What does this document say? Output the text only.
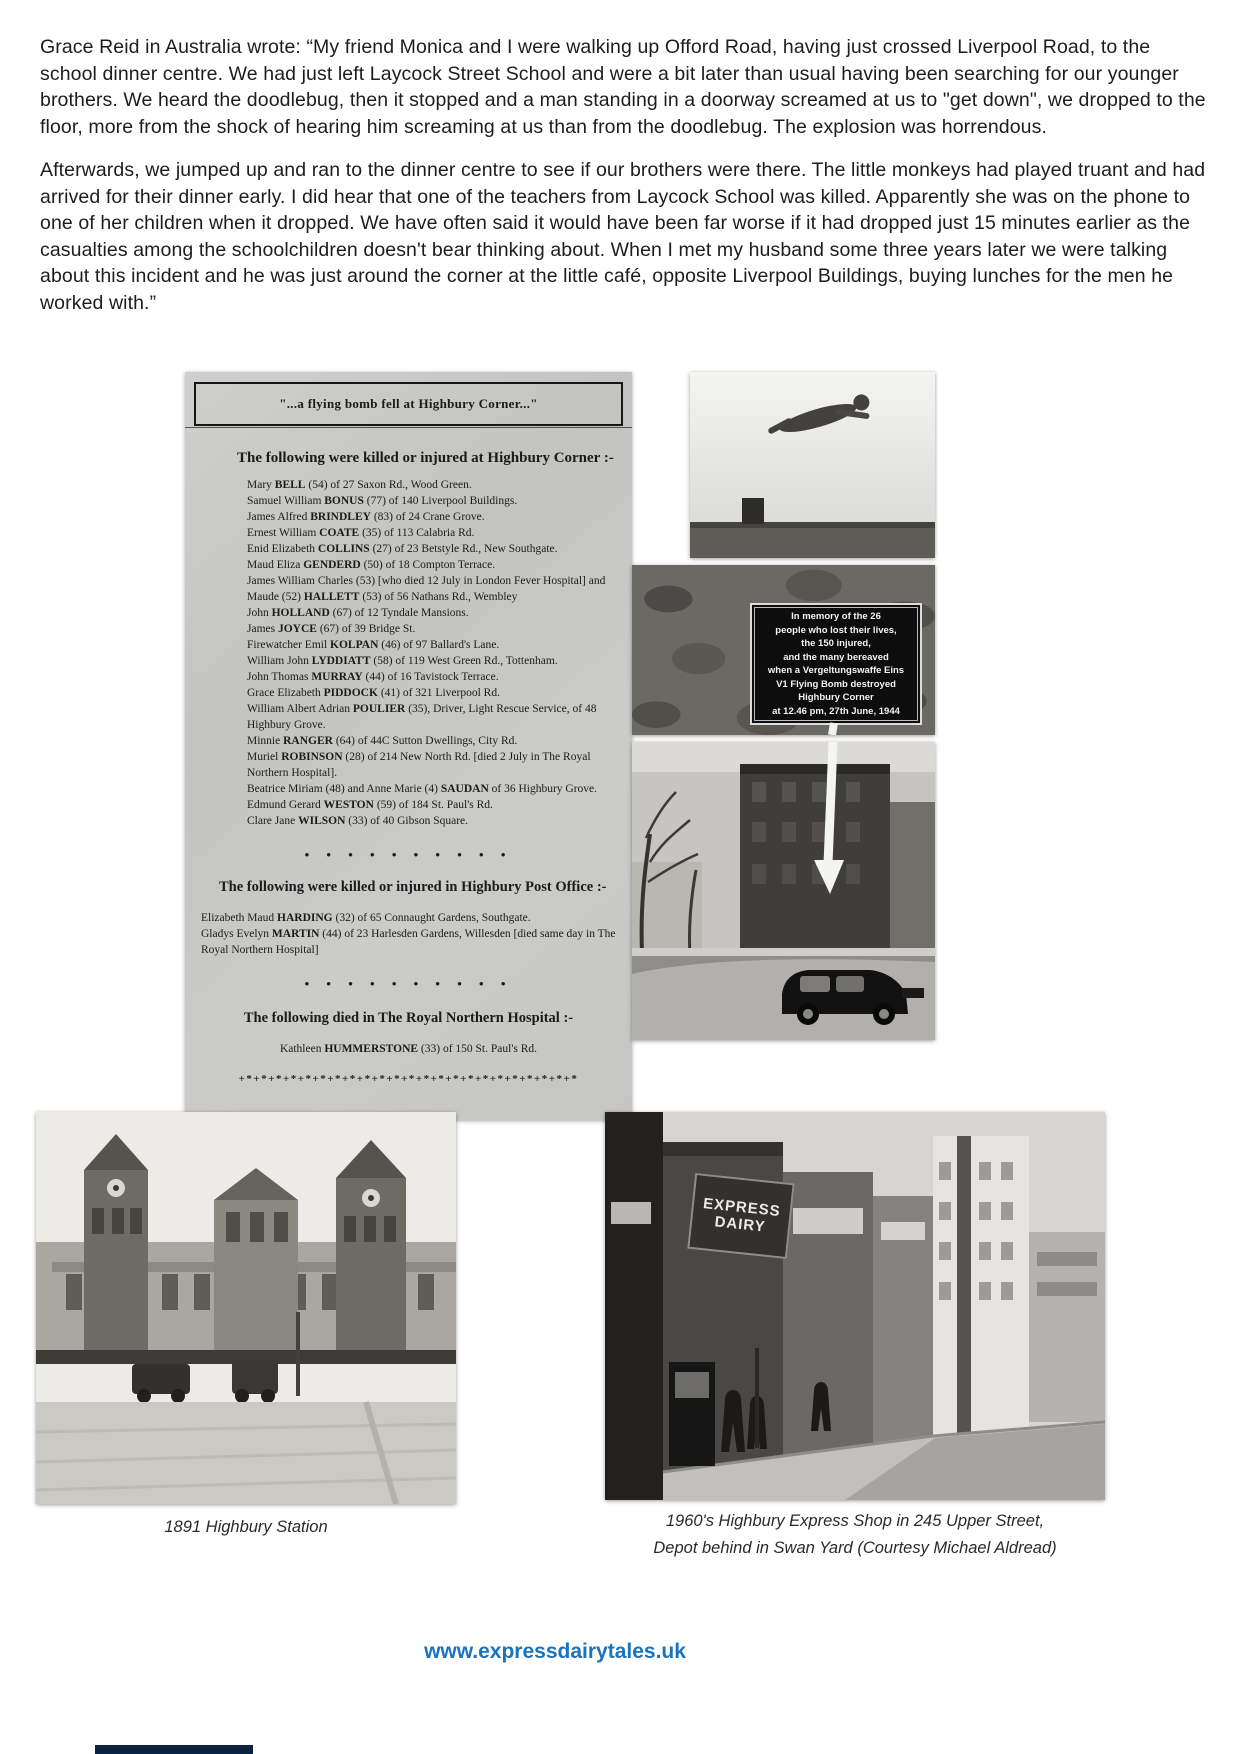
Grace Reid in Australia wrote: “My friend Monica and I were walking up Offord Road, having just crossed Liverpool Road, to the school dinner centre. We had just left Laycock Street School and were a bit later than usual having been searching for our younger brothers. We heard the doodlebug, then it stopped and a man standing in a doorway screamed at us to "get down", we dropped to the floor, more from the shock of hearing him screaming at us than from the doodlebug. The explosion was horrendous.

Afterwards, we jumped up and ran to the dinner centre to see if our brothers were there. The little monkeys had played truant and had arrived for their dinner early. I did hear that one of the teachers from Laycock School was killed. Apparently she was on the phone to one of her children when it dropped. We have often said it would have been far worse if it had dropped just 15 minutes earlier as the casualties among the schoolchildren doesn't bear thinking about. When I met my husband some three years later we were talking about this incident and he was just around the corner at the little café, opposite Liverpool Buildings, buying lunches for the men he worked with.”

"...a flying bomb fell at Highbury Corner..."
The following were killed or injured at Highbury Corner :-
Mary BELL (54) of 27 Saxon Rd., Wood Green.
Samuel William BONUS (77) of 140 Liverpool Buildings.
James Alfred BRINDLEY (83) of 24 Crane Grove.
Ernest William COATE (35) of 113 Calabria Rd.
Enid Elizabeth COLLINS (27) of 23 Betstyle Rd., New Southgate.
Maud Eliza GENDERD (50) of 18 Compton Terrace.
James William Charles (53) [who died 12 July in London Fever Hospital] and Maude (52) HALLETT (53) of 56 Nathans Rd., Wembley
John HOLLAND (67) of 12 Tyndale Mansions.
James JOYCE (67) of 39 Bridge St.
Firewatcher Emil KOLPAN (46) of 97 Ballard's Lane.
William John LYDDIATT (58) of 119 West Green Rd., Tottenham.
John Thomas MURRAY (44) of 16 Tavistock Terrace.
Grace Elizabeth PIDDOCK (41) of 321 Liverpool Rd.
William Albert Adrian POULIER (35), Driver, Light Rescue Service, of 48 Highbury Grove.
Minnie RANGER (64) of 44C Sutton Dwellings, City Rd.
Muriel ROBINSON (28) of 214 New North Rd. [died 2 July in The Royal Northern Hospital].
Beatrice Miriam (48) and Anne Marie (4) SAUDAN of 36 Highbury Grove.
Edmund Gerard WESTON (59) of 184 St. Paul's Rd.
Clare Jane WILSON (33) of 40 Gibson Square.
• • • • • • • • • •
The following were killed or injured in Highbury Post Office :-
Elizabeth Maud HARDING (32) of 65 Connaught Gardens, Southgate.
Gladys Evelyn MARTIN (44) of 23 Harlesden Gardens, Willesden [died same day in The Royal Northern Hospital]
• • • • • • • • • •
The following died in The Royal Northern Hospital :-
Kathleen HUMMERSTONE (33) of 150 St. Paul's Rd.
+*+*+*+*+*+*+*+*+*+*+*+*+*+*+*+*+*+*+*+*+*+*+*
In memory of the 26
people who lost their lives,
the 150 injured,
and the many bereaved
when a Vergeltungswaffe Eins
V1 Flying Bomb destroyed
Highbury Corner
at 12.46 pm, 27th June, 1944
EXPRESS
DAIRY
1891 Highbury Station	1960's Highbury Express Shop in 245 Upper Street,
Depot behind in Swan Yard (Courtesy Michael Aldread)
www.expressdairytales.uk
